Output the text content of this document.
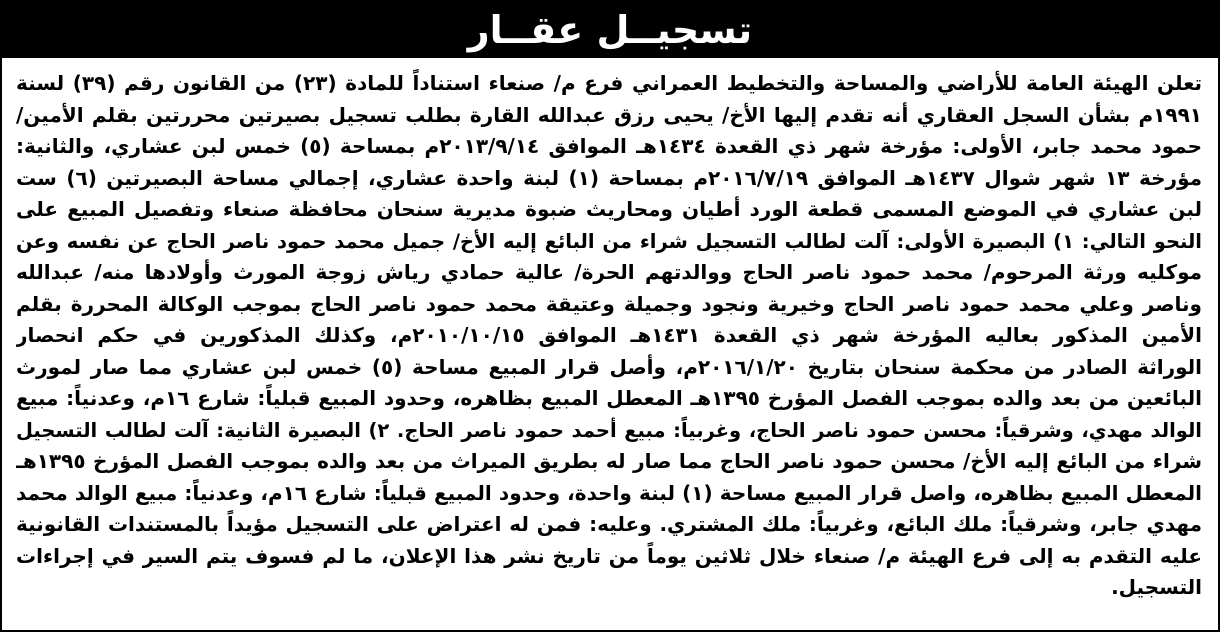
تسجيــل عقــار
تعلن الهيئة العامة للأراضي والمساحة والتخطيط العمراني فرع م/ صنعاء استناداً للمادة (٢٣) من القانون رقم (٣٩) لسنة
١٩٩١م بشأن السجل العقاري أنه تقدم إليها الأخ/ يحيى رزق عبدالله القارة بطلب تسجيل بصيرتين محررتين بقلم الأمين/
حمود محمد جابر، الأولى: مؤرخة شهر ذي القعدة ١٤٣٤هـ الموافق ٢٠١٣/٩/١٤م بمساحة (٥) خمس لبن عشاري، والثانية:
مؤرخة ١٣ شهر شوال ١٤٣٧هـ الموافق ٢٠١٦/٧/١٩م بمساحة (١) لبنة واحدة عشاري، إجمالي مساحة البصيرتين (٦) ست
لبن عشاري في الموضع المسمى قطعة الورد أطيان ومحاريث ضبوة مديرية سنحان محافظة صنعاء وتفصيل المبيع على
النحو التالي: ١) البصيرة الأولى: آلت لطالب التسجيل شراء من البائع إليه الأخ/ جميل محمد حمود ناصر الحاج عن نفسه وعن
موكليه ورثة المرحوم/ محمد حمود ناصر الحاج ووالدتهم الحرة/ عالية حمادي رياش زوجة المورث وأولادها منه/ عبدالله
وناصر وعلي محمد حمود ناصر الحاج وخيرية ونجود وجميلة وعتيقة محمد حمود ناصر الحاج بموجب الوكالة المحررة بقلم
الأمين المذكور بعاليه المؤرخة شهر ذي القعدة ١٤٣١هـ الموافق ٢٠١٠/١٠/١٥م، وكذلك المذكورين في حكم انحصار
الوراثة الصادر من محكمة سنحان بتاريخ ٢٠١٦/١/٢٠م، وأصل قرار المبيع مساحة (٥) خمس لبن عشاري مما صار لمورث
البائعين من بعد والده بموجب الفصل المؤرخ ١٣٩٥هـ المعطل المبيع بظاهره، وحدود المبيع قبلياً: شارع ١٦م، وعدنياً: مبيع
الوالد مهدي، وشرقياً: محسن حمود ناصر الحاج، وغربياً: مبيع أحمد حمود ناصر الحاج. ٢) البصيرة الثانية: آلت لطالب التسجيل
شراء من البائع إليه الأخ/ محسن حمود ناصر الحاج مما صار له بطريق الميراث من بعد والده بموجب الفصل المؤرخ ١٣٩٥هـ
المعطل المبيع بظاهره، واصل قرار المبيع مساحة (١) لبنة واحدة، وحدود المبيع قبلياً: شارع ١٦م، وعدنياً: مبيع الوالد محمد
مهدي جابر، وشرقياً: ملك البائع، وغربياً: ملك المشتري. وعليه: فمن له اعتراض على التسجيل مؤيداً بالمستندات القانونية
عليه التقدم به إلى فرع الهيئة م/ صنعاء خلال ثلاثين يوماً من تاريخ نشر هذا الإعلان، ما لم فسوف يتم السير في إجراءات
التسجيل.
